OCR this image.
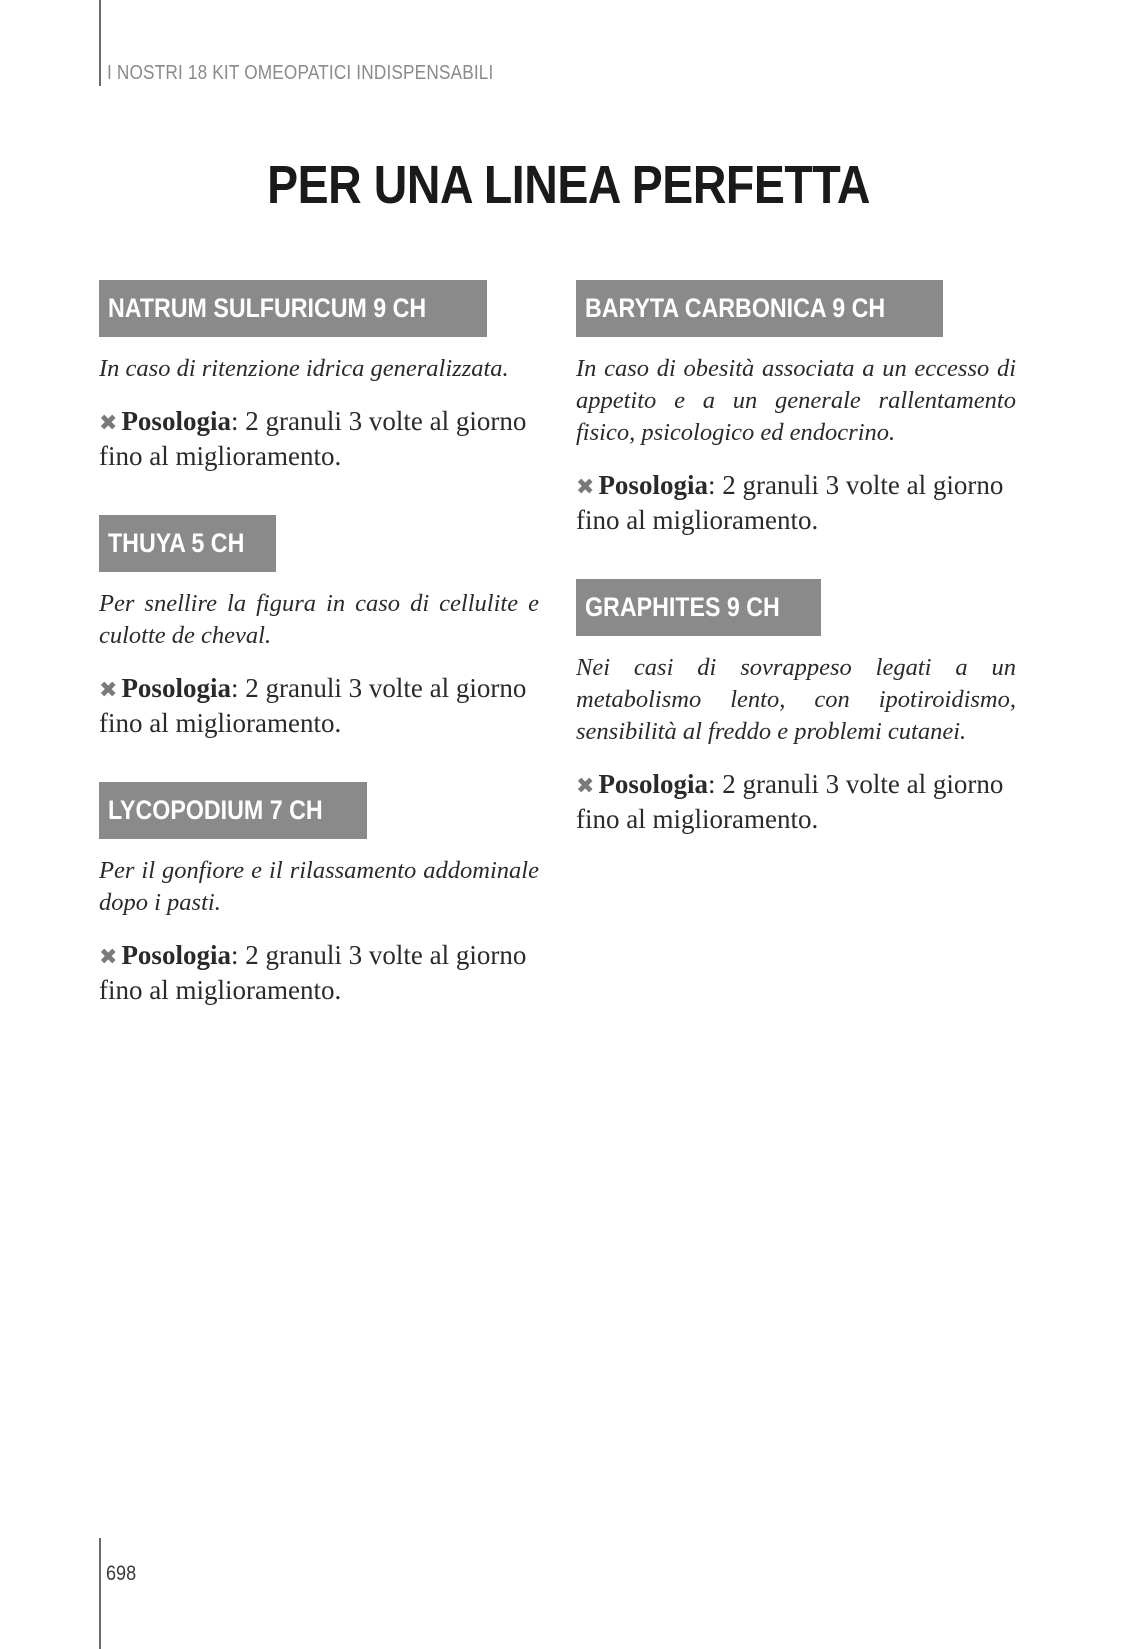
I NOSTRI 18 KIT OMEOPATICI INDISPENSABILI
PER UNA LINEA PERFETTA
NATRUM SULFURICUM 9 CH

In caso di ritenzione idrica generalizzata.

✖ Posologia: 2 granuli 3 volte al giorno fino al miglioramento.

THUYA 5 CH

Per snellire la figura in caso di cellulite e culotte de cheval.

✖ Posologia: 2 granuli 3 volte al giorno fino al miglioramento.

LYCOPODIUM 7 CH

Per il gonfiore e il rilassamento addominale dopo i pasti.

✖ Posologia: 2 granuli 3 volte al giorno fino al miglioramento.

BARYTA CARBONICA 9 CH

In caso di obesità associata a un eccesso di appetito e a un generale rallentamento fisico, psicologico ed endocrino.

✖ Posologia: 2 granuli 3 volte al giorno fino al miglioramento.

GRAPHITES 9 CH

Nei casi di sovrappeso legati a un metabolismo lento, con ipotiroidismo, sensibilità al freddo e problemi cutanei.

✖ Posologia: 2 granuli 3 volte al giorno fino al miglioramento.

698
